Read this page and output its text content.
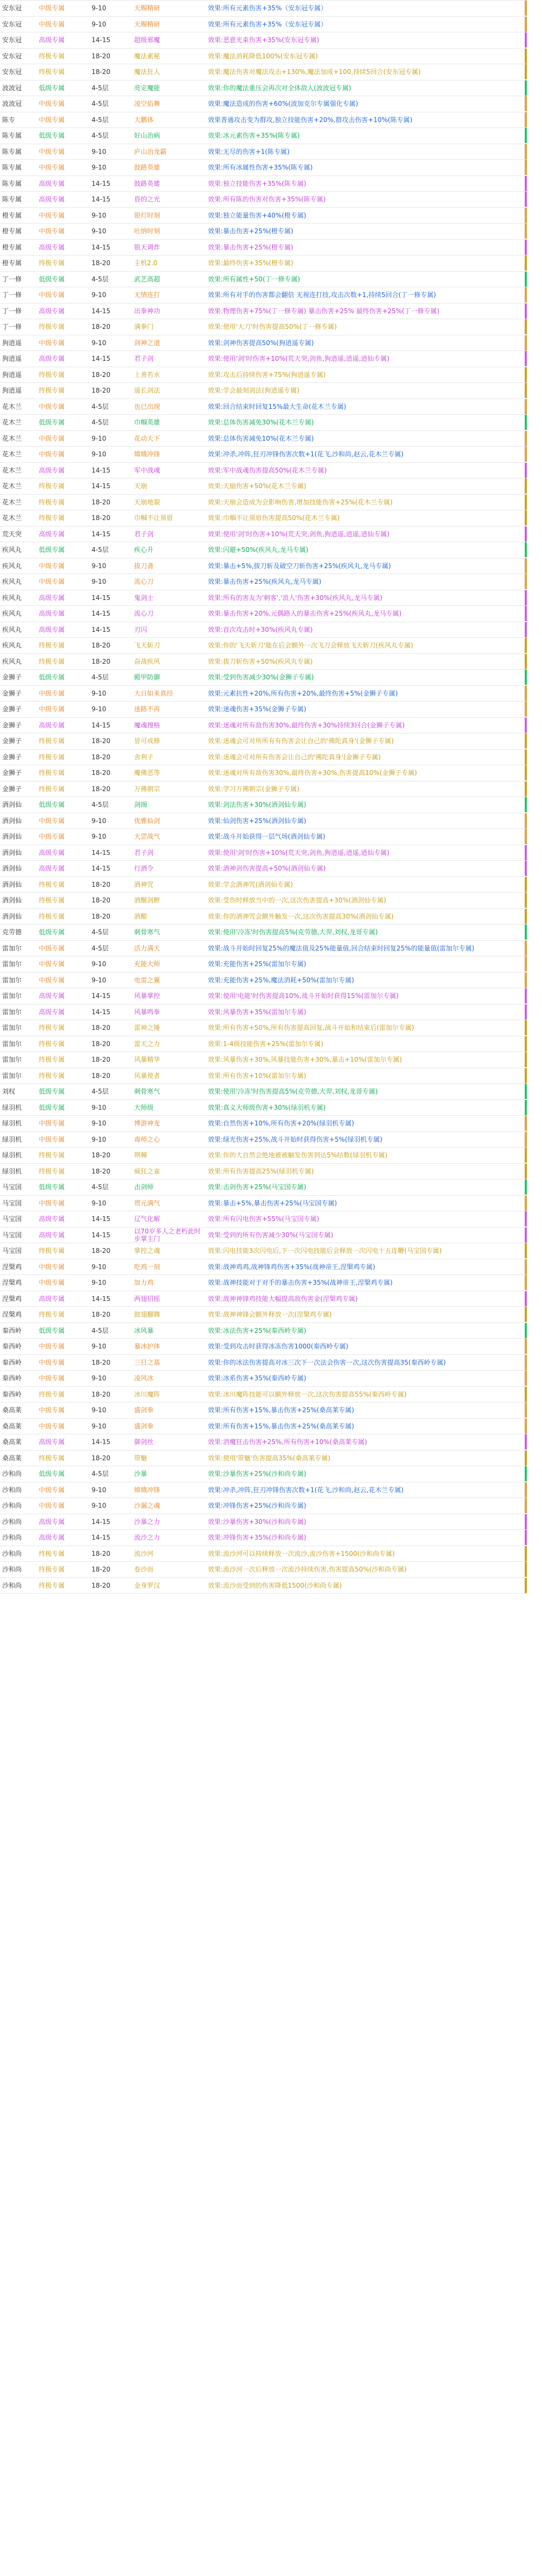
安东冠	中级专属	9-10	天赐精研	效果:所有元素伤害+35%（安东冠专属）
安东冠	中级专属	9-10	天赐精研	效果:所有元素伤害+35%（安东冠专属）
安东冠	高级专属	14-15	超级邪魔	效果:恶意光束伤害+35%(安东冠专属)
安东冠	终极专属	18-20	魔法素秘	效果:魔法消耗降低100%(安东冠专属)
安东冠	终极专属	18-20	魔法狂人	效果:魔法伤害对魔法攻击+130%,魔法加成+100,持续5回合(安东冠专属)
波波冠	低级专属	4-5层	亮定魔能	效果:你的魔法重压会再次对全体敌人(波波冠专属)
波波冠	中级专属	4-5层	凌空焰舞	效果:魔法造成的伤害+60%(波加克尔专属强化专属)
陈专	中级专属	4-5层	大鹏体	效果普通攻击变为群攻,独立技能伤害+20%,群攻击伤害+10%(陈专属)
陈专属	低级专属	4-5层	好山治病	效果:冰元素伤害+35%(陈专属)
陈专属	中级专属	9-10	庐山治龙霸	效果:无尽的伤害+1(陈专属)
陈专属	中级专属	9-10	鼓路英雄	效果:所有冰属性伤害+35%(陈专属)
陈专属	高级专属	14-15	鼓路英雄	效果:独立技能伤害+35%(陈专属)
陈专属	高级专属	14-15	昏的之光	效果:所有陈的伤害对伤害+35%(陈专属)
橙专属	中级专属	9-10	银灯时刻	效果:独立能量伤害+40%(橙专属)
橙专属	中级专属	9-10	吐纳时刻	效果:暴击伤害+25%(橙专属)
橙专属	高级专属	14-15	银天调炸	效果:暴击伤害+25%(橙专属)
橙专属	终极专属	18-20	主机2.0	效果:最终伤害+35%(橙专属)
丁一修	低级专属	4-5层	武艺高超	效果:所有属性+50(丁一修专属)
丁一修	中级专属	9-10	无情连打	效果:所有对手的伤害都会翻倍 无视连打技,攻击次数+1,持续5回合(丁一修专属)
丁一修	高级专属	14-15	出拳神功	效果:物理伤害+75%(丁一修专属) 暴击伤害+25% 最终伤害+25%(丁一修专属)
丁一修	终极专属	18-20	满拳门	效果:使用'大刀'时伤害提高50%(丁一修专属)
狗逍遥	中级专属	9-10	剑神之道	效果:剑神伤害提高50%(狗逍遥专属)
狗逍遥	高级专属	14-15	君子剑	效果:使用'剑'时伤害+10%(荒天突,剑鱼,狗逍遥,逍遥,逍仙专属)
狗逍遥	终极专属	18-20	上善若水	效果:攻击后持续伤害+75%(狗逍遥专属)
狗逍遥	终极专属	18-20	遥长剑法	效果:学会最刻剑法(狗逍遥专属)
花木兰	中级专属	4-5层	也已出现	效果:回合结束时回复15%最大生命(花木兰专属)
花木兰	低级专属	4-5层	巾帼英雄	效果:总体伤害减免30%(花木兰专属)
花木兰	中级专属	9-10	花动天下	效果:总体伤害减免10%(花木兰专属)
花木兰	中级专属	9-10	嫦娥冲锋	效果:冲杀,冲阵,狂刃冲锋伤害次数+1(花飞,沙和尚,赵云,花木兰专属)
花木兰	高级专属	14-15	军中战魂	效果:军中战魂伤害提高50%(花木兰专属)
花木兰	终极专属	14-15	天崩	效果:天崩伤害+50%(花木兰专属)
花木兰	终极专属	18-20	天崩地裂	效果:天崩会造成为会影响伤害,增加技能伤害+25%(花木兰专属)
花木兰	终极专属	18-20	巾帼不让须眉	效果:巾帼不让须眉伤害提高50%(花木兰专属)
荒天突	高级专属	14-15	君子剑	效果:使用'剑'时伤害+10%(荒天突,剑鱼,狗逍遥,逍遥,逍仙专属)
疾风丸	低级专属	4-5层	疾心升	效果:闪避+50%(疾风丸,龙马专属)
疾风丸	中级专属	9-10	拔刀斋	效果:暴击+5%,拔刀斩及破空刀斩伤害+25%(疾风丸,龙马专属)
疾风丸	中级专属	9-10	流心刀	效果:暴击伤害+25%(疾风丸,龙马专属)
疾风丸	高级专属	14-15	鬼剑士	效果:所有的害友为'刺客','浪人'伤害+30%(疾风丸,龙马专属)
疾风丸	高级专属	14-15	流心刀	效果:暴击伤害+20%,元偶路人的暴击伤害+25%(疾风丸,龙马专属)
疾风丸	高级专属	14-15	刃闪	效果:首次攻击时+30%(疾风丸专属)
疾风丸	终极专属	18-20	飞天斩刀	效果:你的'飞天斩刀'能在后会额外一次飞刀会释放飞天斩刀(疾风丸专属)
疾风丸	终极专属	18-20	奋战疾风	效果:拔刀斩伤害+50%(疾风丸专属)
金狮子	低级专属	4-5层	殿甲防御	效果:受到伤害减少30%(金狮子专属)
金狮子	中级专属	9-10	大日如来真经	效果:元素抗性+20%,所有伤害+20%,最终伤害+5%(金狮子专属)
金狮子	中级专属	9-10	迷路不再	效果:迷魂伤害+35%(金狮子专属)
金狮子	高级专属	14-15	魔魂搜格	效果:迷魂对所有敌伤害30%,最终伤害+30%持续3回合(金狮子专属)
金狮子	终极专属	18-20	冒可成修	效果:迷魂会可对所所有有伤害会让自己的'佛陀真身'(金狮子专属)
金狮子	终极专属	18-20	舍利子	效果:迷魂会可对所有伤害会让自己的'佛陀真身'(金狮子专属)
金狮子	终极专属	18-20	魔佛恶等	效果:迷魂对所有敌伤害30%,最终伤害+30%,伤害提高10%(金狮子专属)
金狮子	终极专属	18-20	万佛朝宗	效果:学习万佛朝宗(金狮子专属)
酒剑仙	低级专属	4-5层	剑阁	效果:剑法伤害+30%(酒剑仙专属)
酒剑仙	中级专属	9-10	优雅仙剑	效果:仙剑伤害+25%(酒剑仙专属)
酒剑仙	中级专属	9-10	天罡战气	效果:战斗开始获得一层气场(酒剑仙专属)
酒剑仙	高级专属	14-15	君子剑	效果:使用'剑'时伤害+10%(荒天突,剑鱼,狗逍遥,逍遥,逍仙专属)
酒剑仙	高级专属	14-15	行酒令	效果:酒神剑伤害提高+50%(酒剑仙专属)
酒剑仙	终极专属	18-20	酒神咒	效果:学会酒神咒(酒剑仙专属)
酒剑仙	终极专属	18-20	酒醒剑醉	效果:受伤时释放当中的一次,这次伤害提高+30%(酒剑仙专属)
酒剑仙	终极专属	18-20	酒酣	效果:你的酒神咒会额外触发一次,这次伤害提高30%(酒剑仙专属)
克劳德	低级专属	4-5层	刺骨寒气	效果:使用'冷冻'时伤害提高5%(克劳德,大羿,刘权,龙哥专属)
雷加尔	中级专属	4-5层	活力满天	效果:战斗开始时回复25%的魔法值及25%能量值,回合结束时回复25%的能量值(雷加尔专属)
雷加尔	中级专属	9-10	充能大师	效果:充能伤害+25%(雷加尔专属)
雷加尔	中级专属	9-10	电雷之翼	效果:充能伤害+25%,魔法消耗+50%(雷加尔专属)
雷加尔	高级专属	14-15	风暴掌控	效果:使用'电能'时伤害提高10%,战斗开始时获得15%(雷加尔专属)
雷加尔	高级专属	14-15	风暴鸣拳	效果:风暴伤害+35%(雷加尔专属)
雷加尔	终极专属	18-20	雷神之锤	效果:所有伤害+50%,所有伤害提高回复,战斗开始和结束后(雷加尔专属)
雷加尔	终极专属	18-20	雷天之力	效果:1-4级技能伤害+25%(雷加尔专属)
雷加尔	终极专属	18-20	风暴精华	效果:风暴伤害+30%,风暴技能伤害+30%,暴击+10%(雷加尔专属)
雷加尔	终极专属	18-20	风暴使者	效果:所有伤害+10%(雷加尔专属)
刘权	低级专属	4-5层	刺骨寒气	效果:使用'冷冻'时伤害提高5%(克劳德,大羿,刘权,龙哥专属)
绿羽机	低级专属	9-10	大师级	效果:真义大师级伤害+30%(绿羽机专属)
绿羽机	中级专属	9-10	博游神龙	效果:自然伤害+10%,所有伤害+20%(绿羽机专属)
绿羽机	中级专属	9-10	毒师之心	效果:绿光伤害+25%,战斗开始时获得伤害+5%(绿羽机专属)
绿羽机	终极专属	18-20	荆棘	效果:你的大自然会绝地被被触发伤害到达5%结数(绿羽机专属)
绿羽机	终极专属	18-20	疯狂之雀	效果:所有伤害提高25%(绿羽机专属)
马宝国	低级专属	4-5层	击剑师	效果:击剑伤害+25%(马宝国专属)
马宝国	中级专属	9-10	贯元满气	效果:暴击+5%,暴击伤害+25%(马宝国专属)
马宝国	高级专属	14-15	辽气化解	效果:所有闪电伤害+55%(马宝国专属)
马宝国	高级专属	14-15	以70岁多人之老朽此时步掌主门	效果:受到的所有伤害减少30%(马宝国专属)
马宝国	终极专属	18-20	掌控之魂	效果:闪电技能3次闪电后,下一次闪电技能后会释放一次闪电十五连鞭(马宝国专属)
涅槃鸡	中级专属	9-10	吃鸡一刻	效果:战神鸡鸡,战神锋鸡伤害+35%(战神帝王,涅槃鸡专属)
涅槃鸡	中级专属	9-10	加力鸡	效果:战神技能对于对手的暴击伤害+35%(战神帝王,涅槃鸡专属)
涅槃鸡	高级专属	14-15	两翅招摇	效果:战神神锋鸡技能大幅提高敌伤害金(涅槃鸡专属)
涅槃鸡	终极专属	18-20	鼓翅翻腾	效果:战神神锋会额外释放一次(涅槃鸡专属)
秦西岭	低级专属	4-5层	冰风暴	效果:冰法伤害+25%(秦西岭专属)
秦西岭	中级专属	9-10	暴冰护体	效果:受到攻击时获得冰冻伤害1000(秦西岭专属)
秦西岭	中级专属	18-20	三目之基	效果:你的冰法伤害提高对冰三次下一次法会伤害一次,这次伤害提高35(秦西岭专属)
秦西岭	中级专属	9-10	凌风冰	效果:冰系伤害+35%(秦西岭专属)
秦西岭	终极专属	18-20	冰川魔阵	效果:冰川魔阵技能可以额外释放一次,这次伤害提高55%(秦西岭专属)
桑高莱	中级专属	9-10	盛剑拳	效果:所有伤害+15%,暴击伤害+25%(桑高莱专属)
桑高莱	中级专属	9-10	盛剑拳	效果:所有伤害+15%,暴击伤害+25%(桑高莱专属)
桑高莱	高级专属	14-15	御剑丝	效果:消魔狂击伤害+25%,所有伤害+10%(桑高莱专属)
桑高莱	终极专属	18-20	带魅	效果:使用'带魅'伤害提高35%(桑高莱专属)
沙和尚	低级专属	4-5层	沙暴	效果:沙暴伤害+25%(沙和尚专属)
沙和尚	中级专属	9-10	嫦娥冲锋	效果:冲杀,冲阵,狂刃冲锋伤害次数+1(花飞,沙和尚,赵云,花木兰专属)
沙和尚	中级专属	9-10	沙漏之魂	效果:冲锋伤害+25%(沙和尚专属)
沙和尚	高级专属	14-15	沙暴之力	效果:沙暴伤害+30%(沙和尚专属)
沙和尚	高级专属	14-15	流沙之力	效果:冲锋伤害+35%(沙和尚专属)
沙和尚	终极专属	18-20	流沙河	效果:流沙河可以持续释放一次流沙,流沙伤害+1500(沙和尚专属)
沙和尚	终极专属	18-20	卷沙而	效果:流沙河一次后释放一次流沙持续伤害,伤害提高50%(沙和尚专属)
沙和尚	终极专属	18-20	金身罗汉	效果:流沙而受到的伤害降低1500(沙和尚专属)
